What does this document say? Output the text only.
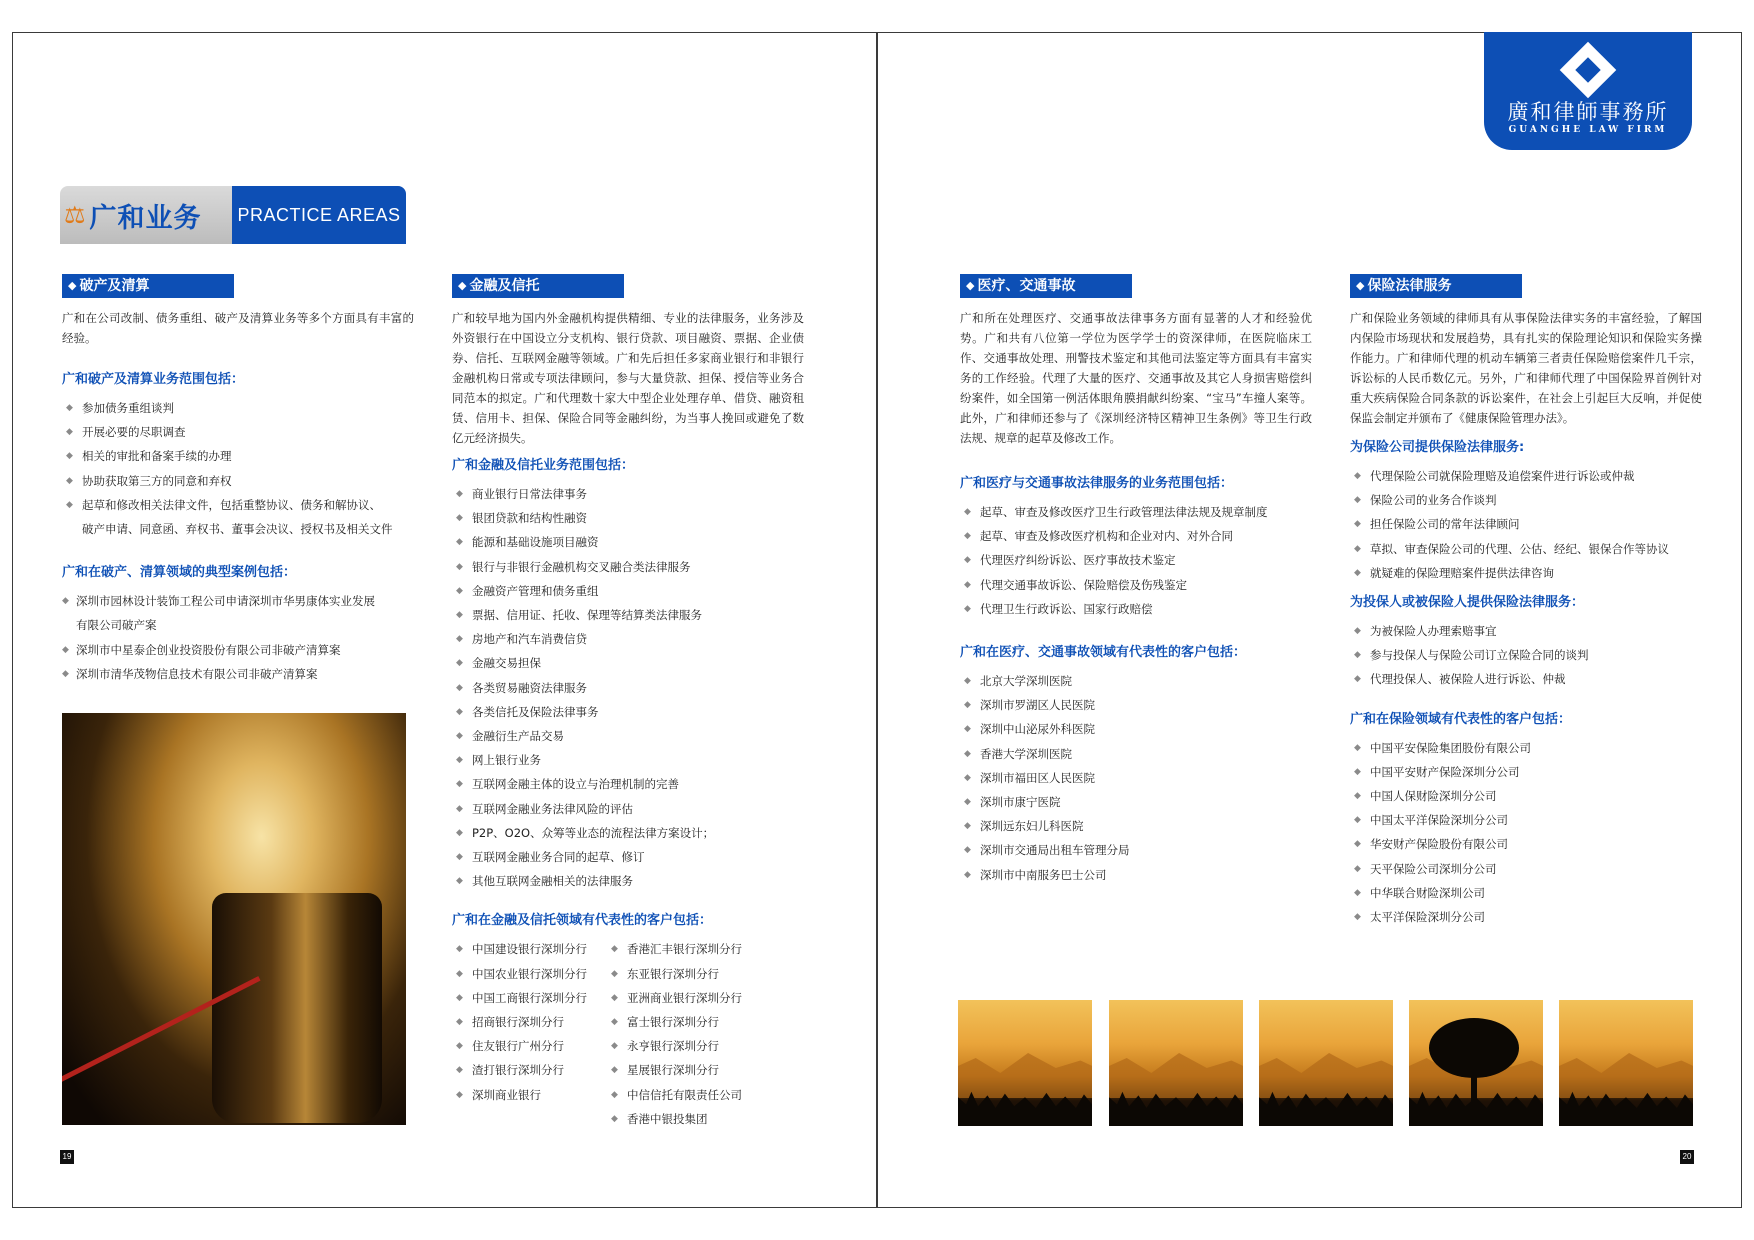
廣和律師事務所
GUANGHE LAW FIRM
⚖ 广和业务	PRACTICE AREAS
◆ 破产及清算

广和在公司改制、债务重组、破产及清算业务等多个方面具有丰富的经验。

广和破产及清算业务范围包括：
◆ 参加债务重组谈判
◆ 开展必要的尽职调查
◆ 相关的审批和备案手续的办理
◆ 协助获取第三方的同意和弃权
◆ 起草和修改相关法律文件，包括重整协议、债务和解协议、
破产申请、同意函、弃权书、董事会决议、授权书及相关文件
广和在破产、清算领域的典型案例包括：
◆ 深圳市园林设计装饰工程公司申请深圳市华男康体实业发展
有限公司破产案
◆ 深圳市中星泰企创业投资股份有限公司非破产清算案
◆ 深圳市清华茂物信息技术有限公司非破产清算案
◆ 金融及信托

广和较早地为国内外金融机构提供精细、专业的法律服务，业务涉及外资银行在中国设立分支机构、银行贷款、项目融资、票据、企业债券、信托、互联网金融等领域。广和先后担任多家商业银行和非银行金融机构日常或专项法律顾问，参与大量贷款、担保、授信等业务合同范本的拟定。广和代理数十家大中型企业处理存单、借贷、融资租赁、信用卡、担保、保险合同等金融纠纷，为当事人挽回或避免了数亿元经济损失。

广和金融及信托业务范围包括：
◆ 商业银行日常法律事务
◆ 银团贷款和结构性融资
◆ 能源和基础设施项目融资
◆ 银行与非银行金融机构交叉融合类法律服务
◆ 金融资产管理和债务重组
◆ 票据、信用证、托收、保理等结算类法律服务
◆ 房地产和汽车消费信贷
◆ 金融交易担保
◆ 各类贸易融资法律服务
◆ 各类信托及保险法律事务
◆ 金融衍生产品交易
◆ 网上银行业务
◆ 互联网金融主体的设立与治理机制的完善
◆ 互联网金融业务法律风险的评估
◆ P2P、O2O、众筹等业态的流程法律方案设计；
◆ 互联网金融业务合同的起草、修订
◆ 其他互联网金融相关的法律服务
广和在金融及信托领域有代表性的客户包括：
◆ 中国建设银行深圳分行
◆ 中国农业银行深圳分行
◆ 中国工商银行深圳分行
◆ 招商银行深圳分行
◆ 住友银行广州分行
◆ 渣打银行深圳分行
◆ 深圳商业银行
◆ 香港汇丰银行深圳分行
◆ 东亚银行深圳分行
◆ 亚洲商业银行深圳分行
◆ 富士银行深圳分行
◆ 永亨银行深圳分行
◆ 星展银行深圳分行
◆ 中信信托有限责任公司
◆ 香港中银投集团
◆ 医疗、交通事故

广和所在处理医疗、交通事故法律事务方面有显著的人才和经验优势。广和共有八位第一学位为医学学士的资深律师，在医院临床工作、交通事故处理、刑警技术鉴定和其他司法鉴定等方面具有丰富实务的工作经验。代理了大量的医疗、交通事故及其它人身损害赔偿纠纷案件，如全国第一例活体眼角膜捐献纠纷案、“宝马”车撞人案等。此外，广和律师还参与了《深圳经济特区精神卫生条例》等卫生行政法规、规章的起草及修改工作。

广和医疗与交通事故法律服务的业务范围包括：
◆ 起草、审查及修改医疗卫生行政管理法律法规及规章制度
◆ 起草、审查及修改医疗机构和企业对内、对外合同
◆ 代理医疗纠纷诉讼、医疗事故技术鉴定
◆ 代理交通事故诉讼、保险赔偿及伤残鉴定
◆ 代理卫生行政诉讼、国家行政赔偿
广和在医疗、交通事故领域有代表性的客户包括：
◆ 北京大学深圳医院
◆ 深圳市罗湖区人民医院
◆ 深圳中山泌尿外科医院
◆ 香港大学深圳医院
◆ 深圳市福田区人民医院
◆ 深圳市康宁医院
◆ 深圳远东妇儿科医院
◆ 深圳市交通局出租车管理分局
◆ 深圳市中南服务巴士公司
◆ 保险法律服务

广和保险业务领域的律师具有从事保险法律实务的丰富经验，了解国内保险市场现状和发展趋势，具有扎实的保险理论知识和保险实务操作能力。广和律师代理的机动车辆第三者责任保险赔偿案件几千宗，诉讼标的人民币数亿元。另外，广和律师代理了中国保险界首例针对重大疾病保险合同条款的诉讼案件，在社会上引起巨大反响，并促使保监会制定并颁布了《健康保险管理办法》。

为保险公司提供保险法律服务:
◆ 代理保险公司就保险理赔及追偿案件进行诉讼或仲裁
◆ 保险公司的业务合作谈判
◆ 担任保险公司的常年法律顾问
◆ 草拟、审查保险公司的代理、公估、经纪、银保合作等协议
◆ 就疑难的保险理赔案件提供法律咨询
为投保人或被保险人提供保险法律服务：
◆ 为被保险人办理索赔事宜
◆ 参与投保人与保险公司订立保险合同的谈判
◆ 代理投保人、被保险人进行诉讼、仲裁
广和在保险领域有代表性的客户包括：
◆ 中国平安保险集团股份有限公司
◆ 中国平安财产保险深圳分公司
◆ 中国人保财险深圳分公司
◆ 中国太平洋保险深圳分公司
◆ 华安财产保险股份有限公司
◆ 天平保险公司深圳分公司
◆ 中华联合财险深圳公司
◆ 太平洋保险深圳分公司
19	20
